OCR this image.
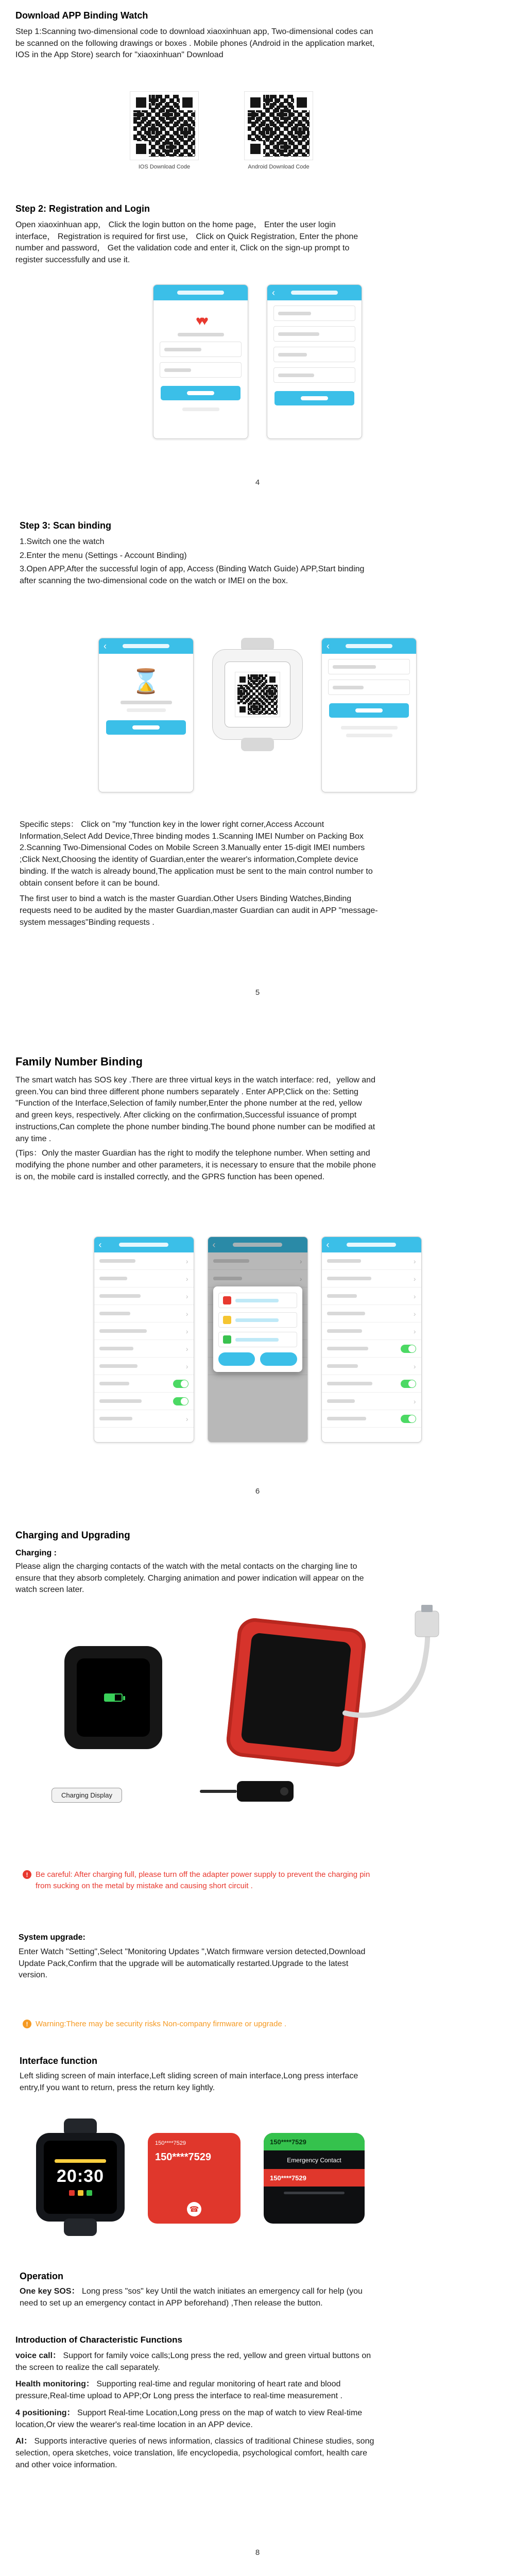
Download APP Binding Watch

Step 1:Scanning two-dimensional code to download xiaoxinhuan app, Two-dimensional codes can be scanned on the following drawings or boxes . Mobile phones (Android in the application market, IOS in the App Store) search for "xiaoxinhuan" Download

IOS Download Code	Android Download Code
Step 2: Registration and Login

Open xiaoxinhuan app， Click the login button on the home page， Enter the user login interface， Registration is required for first use， Click on Quick Registration, Enter the phone number and password， Get the validation code and enter it, Click on the sign-up prompt to register successfully and use it.

♥♥
‹
4
Step 3: Scan binding

1.Switch one the watch

2.Enter the menu (Settings - Account Binding)

3.Open APP,After the successful login of app, Access (Binding Watch Guide) APP,Start binding after scanning the two-dimensional code on the watch or IMEI on the box.

‹
⌛
‹

Specific steps： Click on "my "function key in the lower right corner,Access Account Information,Select Add Device,Three binding modes 1.Scanning IMEI Number on Packing Box 2.Scanning Two-Dimensional Codes on Mobile Screen 3.Manually enter 15-digit IMEI numbers ;Click Next,Choosing the identity of Guardian,enter the wearer's information,Complete device binding. If the watch is already bound,The application must be sent to the main control number to obtain consent before it can be bound.

The first user to bind a watch is the master Guardian.Other Users Binding Watches,Binding requests need to be audited by the master Guardian,master Guardian can audit in APP "message-system messages"Binding requests .

5
Family Number Binding

The smart watch has SOS key .There are three virtual keys in the watch interface: red，yellow and green.You can bind three different phone numbers separately . Enter APP,Click on the: Setting "Function of the Interface,Selection of family number,Enter the phone number at the red, yellow and green keys, respectively. After clicking on the confirmation,Successful issuance of prompt instructions,Can complete the phone number binding.The bound phone number can be modified at any time .

(Tips：Only the master Guardian has the right to modify the telephone number. When setting and modifying the phone number and other parameters, it is necessary to ensure that the mobile phone is on, the mobile card is installed correctly, and the GPRS function has been opened.

‹
›
›
›
›
›
›
›
›
‹
›
›
‹
›
›
›
›
›
›
›
6
Charging and Upgrading

Charging :

Please align the charging contacts of the watch with the metal contacts on the charging line to ensure that they absorb completely. Charging animation and power indication will appear on the watch screen later.

Charging Display
! Be careful: After charging full, please turn off the adapter power supply to prevent the charging pin from sucking on the metal by mistake and causing short circuit .

System upgrade:

Enter Watch "Setting",Select "Monitoring Updates ",Watch firmware version detected,Download Update Pack,Confirm that the upgrade will be automatically restarted.Upgrade to the latest version.

! Warning:There may be security risks Non-company firmware or upgrade .

Interface function

Left sliding screen of main interface,Left sliding screen of main interface,Long press interface entry,If you want to return, press the return key lightly.

20:30
150****7529
150****7529
☎
150****7529
Emergency Contact
150****7529
Operation

One key SOS： Long press "sos" key Until the watch initiates an emergency call for help (you need to set up an emergency contact in APP beforehand) ,Then release the button.

Introduction of Characteristic Functions

voice call： Support for family voice calls;Long press the red, yellow and green virtual buttons on the screen to realize the call separately.

Health monitoring： Supporting real-time and regular monitoring of heart rate and blood pressure,Real-time upload to APP;Or Long press the interface to real-time measurement .

4 positioning： Support Real-time Location,Long press on the map of watch to view Real-time location,Or view the wearer's real-time location in an APP device.

AI： Supports interactive queries of news information, classics of traditional Chinese studies, song selection, opera sketches, voice translation, life encyclopedia, psychological comfort, health care and other voice information.

8
